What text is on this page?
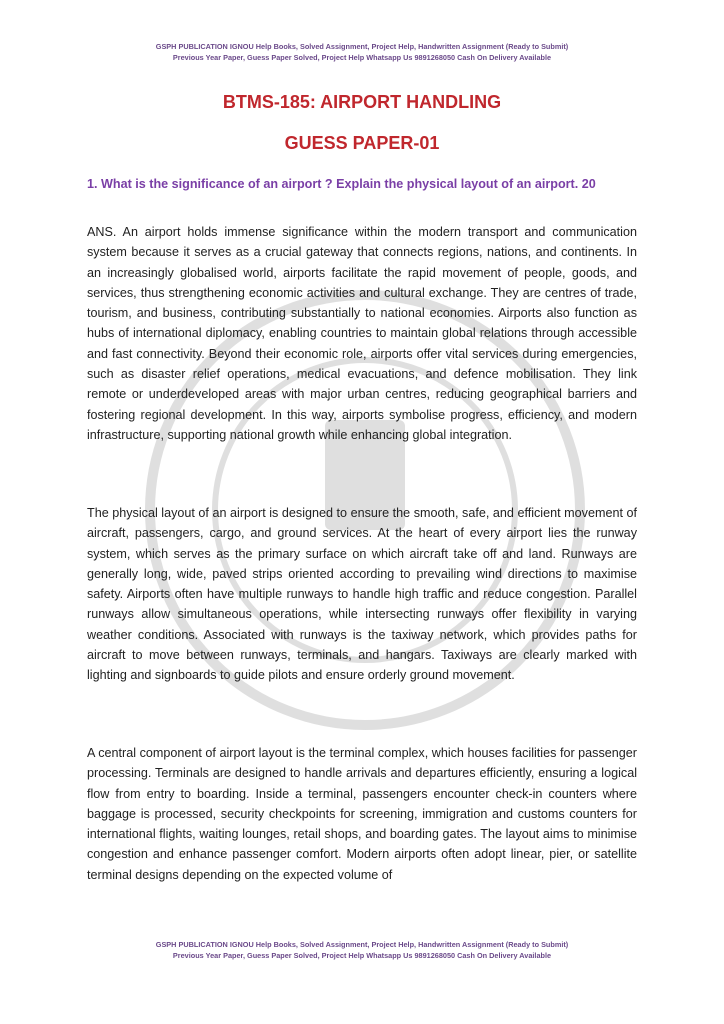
GSPH PUBLICATION IGNOU Help Books, Solved Assignment, Project Help, Handwritten Assignment (Ready to Submit)
Previous Year Paper, Guess Paper Solved, Project Help Whatsapp Us 9891268050 Cash On Delivery Available
BTMS-185: AIRPORT HANDLING
GUESS PAPER-01
1. What is the significance of an airport ? Explain the physical layout of an airport. 20
ANS. An airport holds immense significance within the modern transport and communication system because it serves as a crucial gateway that connects regions, nations, and continents. In an increasingly globalised world, airports facilitate the rapid movement of people, goods, and services, thus strengthening economic activities and cultural exchange. They are centres of trade, tourism, and business, contributing substantially to national economies. Airports also function as hubs of international diplomacy, enabling countries to maintain global relations through accessible and fast connectivity. Beyond their economic role, airports offer vital services during emergencies, such as disaster relief operations, medical evacuations, and defence mobilisation. They link remote or underdeveloped areas with major urban centres, reducing geographical barriers and fostering regional development. In this way, airports symbolise progress, efficiency, and modern infrastructure, supporting national growth while enhancing global integration.
The physical layout of an airport is designed to ensure the smooth, safe, and efficient movement of aircraft, passengers, cargo, and ground services. At the heart of every airport lies the runway system, which serves as the primary surface on which aircraft take off and land. Runways are generally long, wide, paved strips oriented according to prevailing wind directions to maximise safety. Airports often have multiple runways to handle high traffic and reduce congestion. Parallel runways allow simultaneous operations, while intersecting runways offer flexibility in varying weather conditions. Associated with runways is the taxiway network, which provides paths for aircraft to move between runways, terminals, and hangars. Taxiways are clearly marked with lighting and signboards to guide pilots and ensure orderly ground movement.
A central component of airport layout is the terminal complex, which houses facilities for passenger processing. Terminals are designed to handle arrivals and departures efficiently, ensuring a logical flow from entry to boarding. Inside a terminal, passengers encounter check-in counters where baggage is processed, security checkpoints for screening, immigration and customs counters for international flights, waiting lounges, retail shops, and boarding gates. The layout aims to minimise congestion and enhance passenger comfort. Modern airports often adopt linear, pier, or satellite terminal designs depending on the expected volume of
GSPH PUBLICATION IGNOU Help Books, Solved Assignment, Project Help, Handwritten Assignment (Ready to Submit)
Previous Year Paper, Guess Paper Solved, Project Help Whatsapp Us 9891268050 Cash On Delivery Available
